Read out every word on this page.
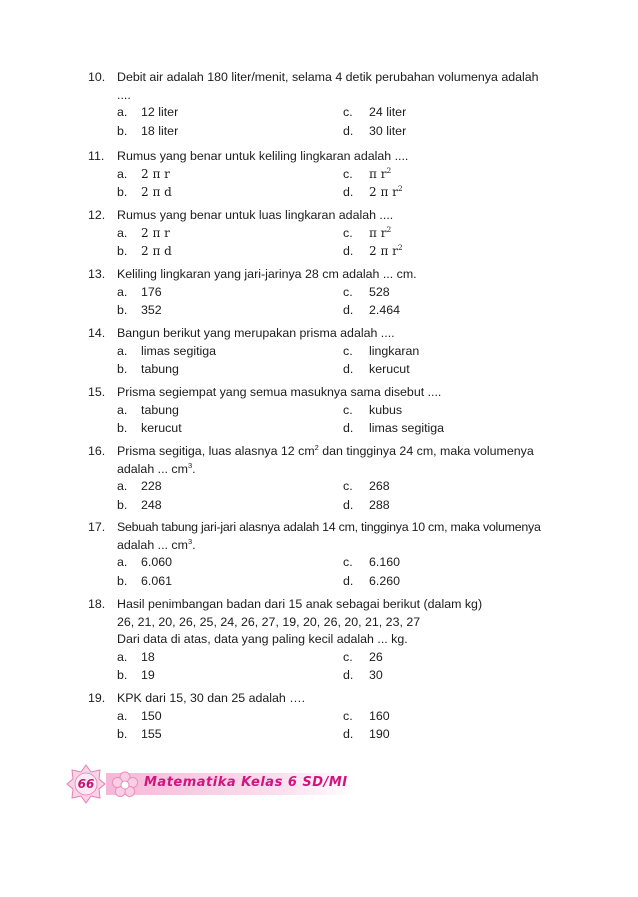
10. Debit air adalah 180 liter/menit, selama 4 detik perubahan volumenya adalah
....
a.	12 liter	c.	24 liter
b.	18 liter	d.	30 liter
11.	Rumus yang benar untuk keliling lingkaran adalah ....
a.	2 π r	c.	π $r^2$
b.	2 π d	d.	2 π $r^2$
12. Rumus yang benar untuk luas lingkaran adalah ....
a.	2 π r	c.	π $r^2$
b.	2 π d	d.	2 π $r^2$
13. Keliling lingkaran yang jari-jarinya 28 cm adalah ... cm.
a.	176	c.	528
b.	352	d.	2.464
14. Bangun berikut yang merupakan prisma adalah ....
a.	limas segitiga	c.	lingkaran
b.	tabung	d.	kerucut
15. Prisma segiempat yang semua masuknya sama disebut ....
a.	tabung	c.	kubus
b.	kerucut	d.	limas segitiga
16. Prisma segitiga, luas alasnya 12 $cm^2$ dan tingginya 24 cm, maka volumenya
adalah ... $cm^3$.
a.	228	c.	268
b.	248	d.	288
17. Sebuah tabung jari-jari alasnya adalah 14 cm, tingginya 10 cm, maka volumenya
adalah ... $cm^3$.
a.	6.060	c.	6.160
b.	6.061	d.	6.260
18. Hasil penimbangan badan dari 15 anak sebagai berikut (dalam kg)
26, 21, 20, 26, 25, 24, 26, 27, 19, 20, 26, 20, 21, 23, 27
Dari data di atas, data yang paling kecil adalah ... kg.
a.	18	c.	26
b.	19	d.	30
19. KPK dari 15, 30 dan 25 adalah ….
a.	150	c.	160
b.	155	d.	190
Matematika Kelas 6 SD/MI
66
